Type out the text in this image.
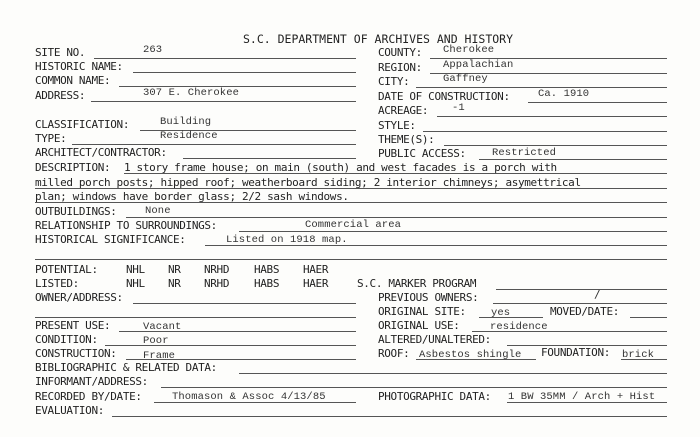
S.C. DEPARTMENT OF ARCHIVES AND HISTORY
SITE NO.	263	COUNTY: Cherokee
HISTORIC NAME:	REGION: Appalachian
COMMON NAME:	CITY:	Gaffney
ADDRESS:	307 E. Cherokee	DATE OF CONSTRUCTION:	Ca. 1910
ACREAGE: -1
CLASSIFICATION:	Building	STYLE:
TYPE:	Residence	THEME(S):
ARCHITECT/CONTRACTOR:	PUBLIC ACCESS: Restricted
DESCRIPTION: 1 story frame house; on main (south) and west facades is a porch with
milled porch posts; hipped roof; weatherboard siding; 2 interior chimneys; asymettrical
plan; windows have border glass; 2/2 sash windows.
OUTBUILDINGS:	None
RELATIONSHIP TO SURROUNDINGS:	Commercial area
HISTORICAL SIGNIFICANCE:	Listed on 1918 map.
POTENTIAL:	NHL NR NRHD HABS HAER
LISTED:	NHL NR NRHD HABS HAER	S.C. MARKER PROGRAM
OWNER/ADDRESS:	PREVIOUS OWNERS:	/
ORIGINAL SITE: yes	MOVED/DATE:
PRESENT USE:	Vacant	ORIGINAL USE:	residence
CONDITION:	Poor	ALTERED/UNALTERED:
CONSTRUCTION:	Frame	ROOF: Asbestos shingle FOUNDATION: brick
BIBLIOGRAPHIC & RELATED DATA:
INFORMANT/ADDRESS:
RECORDED BY/DATE:	Thomason & Assoc 4/13/85	PHOTOGRAPHIC DATA: 1 BW 35MM / Arch + Hist
EVALUATION:
